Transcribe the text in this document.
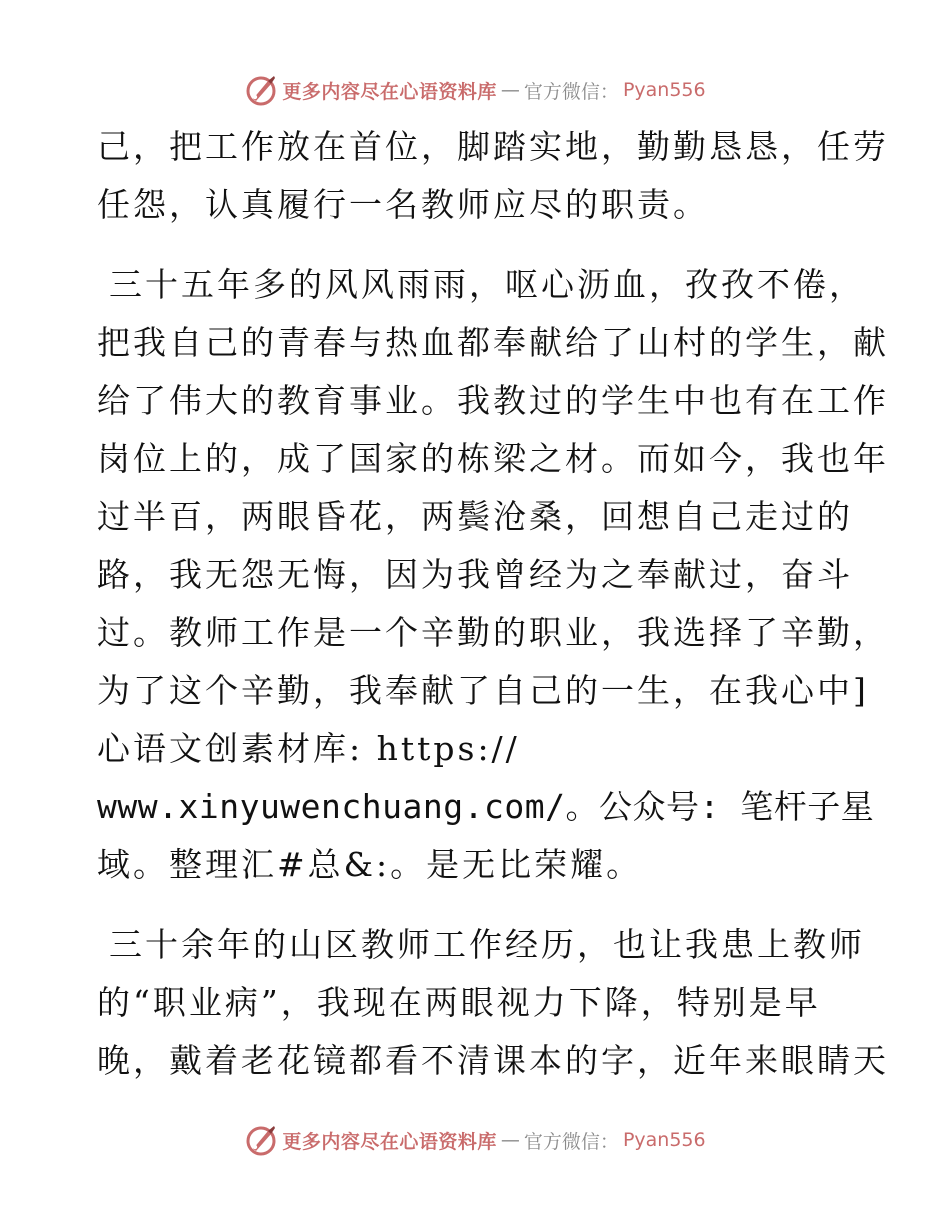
更多内容尽在心语资料库 — 官方微信： Pyan556
己，把工作放在首位，脚踏实地，勤勤恳恳，任劳
任怨，认真履行一名教师应尽的职责。
三十五年多的风风雨雨，呕心沥血，孜孜不倦，
把我自己的青春与热血都奉献给了山村的学生，献
给了伟大的教育事业。我教过的学生中也有在工作
岗位上的，成了国家的栋梁之材。而如今，我也年
过半百，两眼昏花，两鬓沧桑，回想自己走过的
路，我无怨无悔，因为我曾经为之奉献过，奋斗
过。教师工作是一个辛勤的职业，我选择了辛勤，
为了这个辛勤，我奉献了自己的一生，在我心中]
心语文创素材库: https://
www.xinyuwenchuang.com/。公众号: 笔杆子星
域。整理汇#总&:。是无比荣耀。
三十余年的山区教师工作经历，也让我患上教师
的“职业病”，我现在两眼视力下降，特别是早
晚，戴着老花镜都看不清课本的字，近年来眼睛天
更多内容尽在心语资料库 — 官方微信： Pyan556
